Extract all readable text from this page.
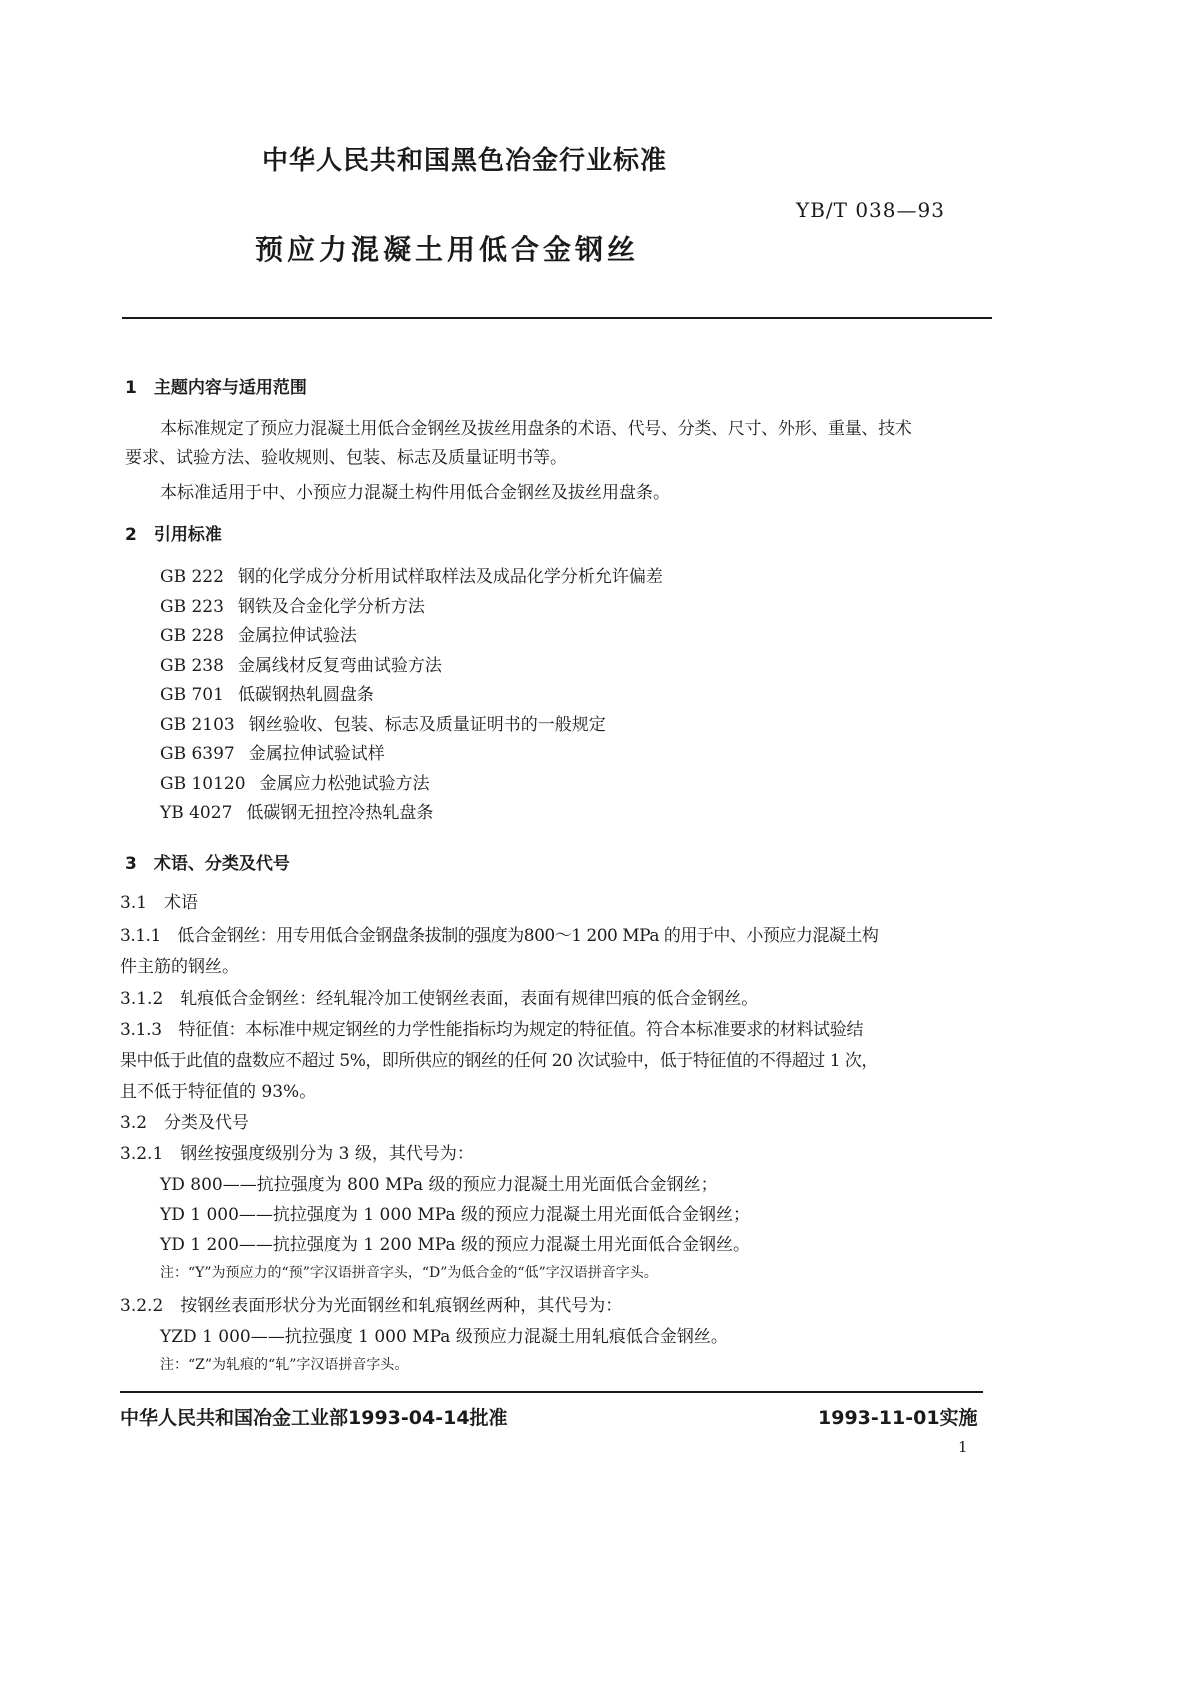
中华人民共和国黑色冶金行业标准
YB/T 038—93
预应力混凝土用低合金钢丝
1　主题内容与适用范围
本标准规定了预应力混凝土用低合金钢丝及拔丝用盘条的术语、代号、分类、尺寸、外形、重量、技术
要求、试验方法、验收规则、包装、标志及质量证明书等。
本标准适用于中、小预应力混凝土构件用低合金钢丝及拔丝用盘条。
2　引用标准
GB 222 钢的化学成分分析用试样取样法及成品化学分析允许偏差
GB 223 钢铁及合金化学分析方法
GB 228 金属拉伸试验法
GB 238 金属线材反复弯曲试验方法
GB 701 低碳钢热轧圆盘条
GB 2103 钢丝验收、包装、标志及质量证明书的一般规定
GB 6397 金属拉伸试验试样
GB 10120 金属应力松弛试验方法
YB 4027 低碳钢无扭控冷热轧盘条
3　术语、分类及代号
3.1　术语
3.1.1　低合金钢丝：用专用低合金钢盘条拔制的强度为800～1 200 MPa 的用于中、小预应力混凝土构
件主筋的钢丝。
3.1.2　轧痕低合金钢丝：经轧辊冷加工使钢丝表面，表面有规律凹痕的低合金钢丝。
3.1.3　特征值：本标准中规定钢丝的力学性能指标均为规定的特征值。符合本标准要求的材料试验结
果中低于此值的盘数应不超过 5%，即所供应的钢丝的任何 20 次试验中，低于特征值的不得超过 1 次，
且不低于特征值的 93%。
3.2　分类及代号
3.2.1　钢丝按强度级别分为 3 级，其代号为：
YD 800——抗拉强度为 800 MPa 级的预应力混凝土用光面低合金钢丝；
YD 1 000——抗拉强度为 1 000 MPa 级的预应力混凝土用光面低合金钢丝；
YD 1 200——抗拉强度为 1 200 MPa 级的预应力混凝土用光面低合金钢丝。
注：“Y”为预应力的“预”字汉语拼音字头，“D”为低合金的“低”字汉语拼音字头。
3.2.2　按钢丝表面形状分为光面钢丝和轧痕钢丝两种，其代号为：
YZD 1 000——抗拉强度 1 000 MPa 级预应力混凝土用轧痕低合金钢丝。
注：“Z”为轧痕的“轧”字汉语拼音字头。
中华人民共和国冶金工业部1993-04-14批准	1993-11-01实施
1
